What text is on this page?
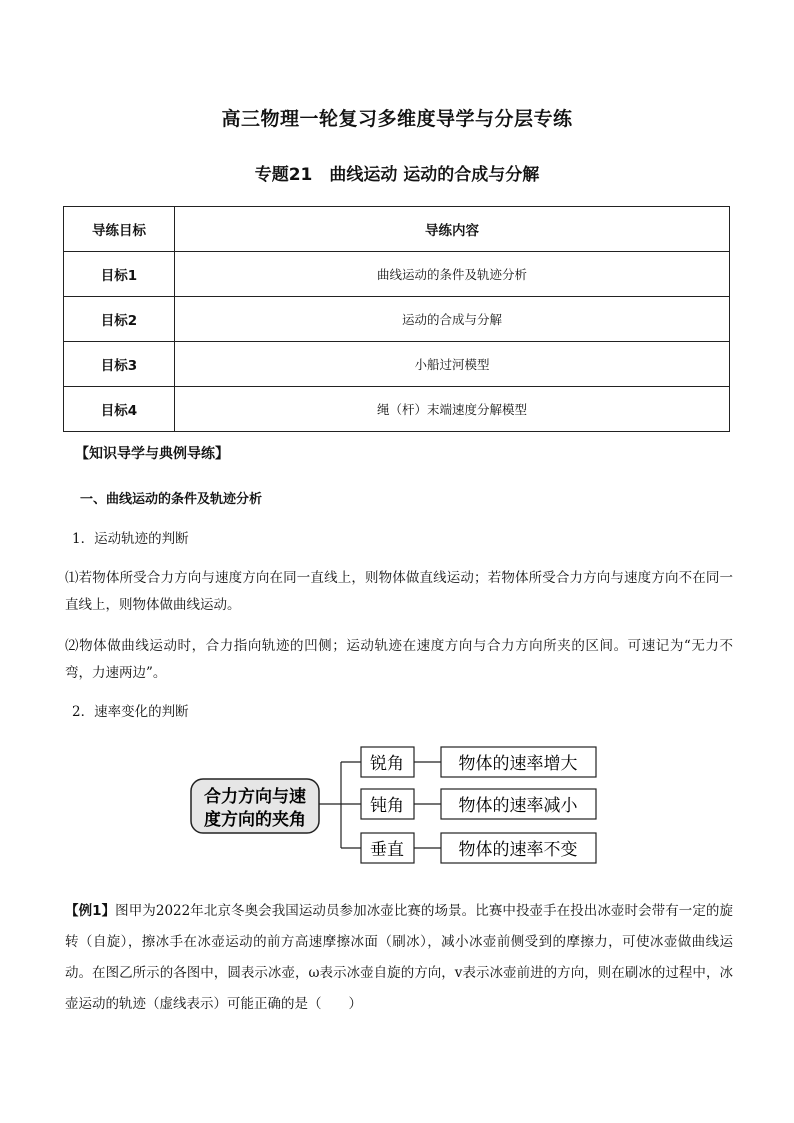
高三物理一轮复习多维度导学与分层专练
专题21　曲线运动 运动的合成与分解
导练目标	导练内容
目标1	曲线运动的条件及轨迹分析
目标2	运动的合成与分解
目标3	小船过河模型
目标4	绳（杆）末端速度分解模型
【知识导学与典例导练】
一、曲线运动的条件及轨迹分析
1．运动轨迹的判断
⑴若物体所受合力方向与速度方向在同一直线上，则物体做直线运动；若物体所受合力方向与速度方向不在同一直线上，则物体做曲线运动。
⑵物体做曲线运动时，合力指向轨迹的凹侧；运动轨迹在速度方向与合力方向所夹的区间。可速记为“无力不弯，力速两边”。
2．速率变化的判断
合力方向与速
度方向的夹角
锐角	物体的速率增大
钝角	物体的速率减小
垂直	物体的速率不变
【例1】图甲为2022年北京冬奥会我国运动员参加冰壶比赛的场景。比赛中投壶手在投出冰壶时会带有一定的旋转（自旋），擦冰手在冰壶运动的前方高速摩擦冰面（刷冰），减小冰壶前侧受到的摩擦力，可使冰壶做曲线运动。在图乙所示的各图中，圆表示冰壶，ω表示冰壶自旋的方向，v表示冰壶前进的方向，则在刷冰的过程中，冰壶运动的轨迹（虚线表示）可能正确的是（　　）
